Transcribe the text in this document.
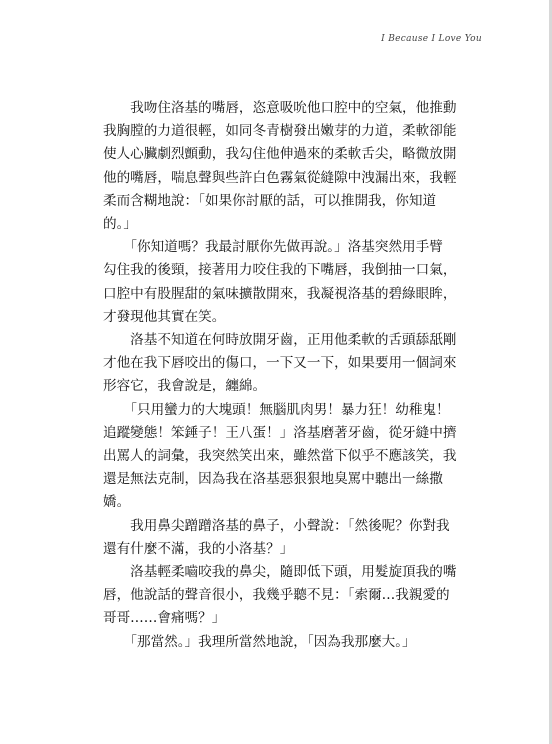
I Because I Love You

　　我吻住洛基的嘴唇，恣意吸吮他口腔中的空氣，他推動
我胸膛的力道很輕，如同冬青樹發出嫩芽的力道，柔軟卻能
使人心臟劇烈顫動，我勾住他伸過來的柔軟舌尖，略微放開
他的嘴唇，喘息聲與些許白色霧氣從縫隙中洩漏出來，我輕
柔而含糊地說：「如果你討厭的話，可以推開我，你知道
的。」

　　「你知道嗎？我最討厭你先做再說。」洛基突然用手臂
勾住我的後頸，接著用力咬住我的下嘴唇，我倒抽一口氣，
口腔中有股腥甜的氣味擴散開來，我凝視洛基的碧綠眼眸，
才發現他其實在笑。

　　洛基不知道在何時放開牙齒，正用他柔軟的舌頭舔舐剛
才他在我下唇咬出的傷口，一下又一下，如果要用一個詞來
形容它，我會說是，纏綿。

　　「只用蠻力的大塊頭！無腦肌肉男！暴力狂！幼稚鬼！
追蹤變態！笨錘子！王八蛋！」洛基磨著牙齒，從牙縫中擠
出罵人的詞彙，我突然笑出來，雖然當下似乎不應該笑，我
還是無法克制，因為我在洛基惡狠狠地臭罵中聽出一絲撒
嬌。

　　我用鼻尖蹭蹭洛基的鼻子，小聲說：「然後呢？你對我
還有什麼不滿，我的小洛基？」

　　洛基輕柔嚙咬我的鼻尖，隨即低下頭，用髮旋頂我的嘴
唇，他說話的聲音很小，我幾乎聽不見：「索爾…我親愛的
哥哥……會痛嗎？」

　　「那當然。」我理所當然地說，「因為我那麼大。」
